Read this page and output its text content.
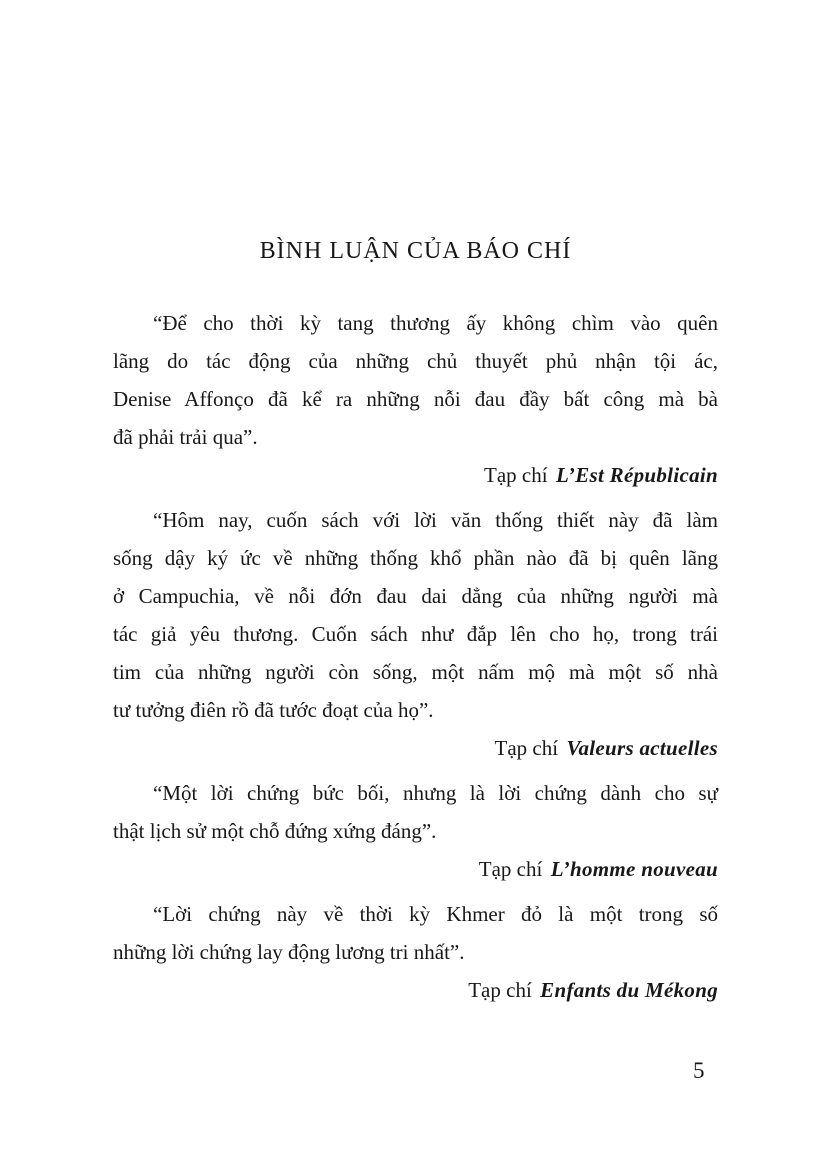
BÌNH LUẬN CỦA BÁO CHÍ
“Để cho thời kỳ tang thương ấy không chìm vào quên
lãng do tác động của những chủ thuyết phủ nhận tội ác,
Denise Affonço đã kể ra những nỗi đau đầy bất công mà bà
đã phải trải qua”.
Tạp chí L’Est Républicain
“Hôm nay, cuốn sách với lời văn thống thiết này đã làm
sống dậy ký ức về những thống khổ phần nào đã bị quên lãng
ở Campuchia, về nỗi đớn đau dai dẳng của những người mà
tác giả yêu thương. Cuốn sách như đắp lên cho họ, trong trái
tim của những người còn sống, một nấm mộ mà một số nhà
tư tưởng điên rồ đã tước đoạt của họ”.
Tạp chí Valeurs actuelles
“Một lời chứng bức bối, nhưng là lời chứng dành cho sự
thật lịch sử một chỗ đứng xứng đáng”.
Tạp chí L’homme nouveau
“Lời chứng này về thời kỳ Khmer đỏ là một trong số
những lời chứng lay động lương tri nhất”.
Tạp chí Enfants du Mékong
5
